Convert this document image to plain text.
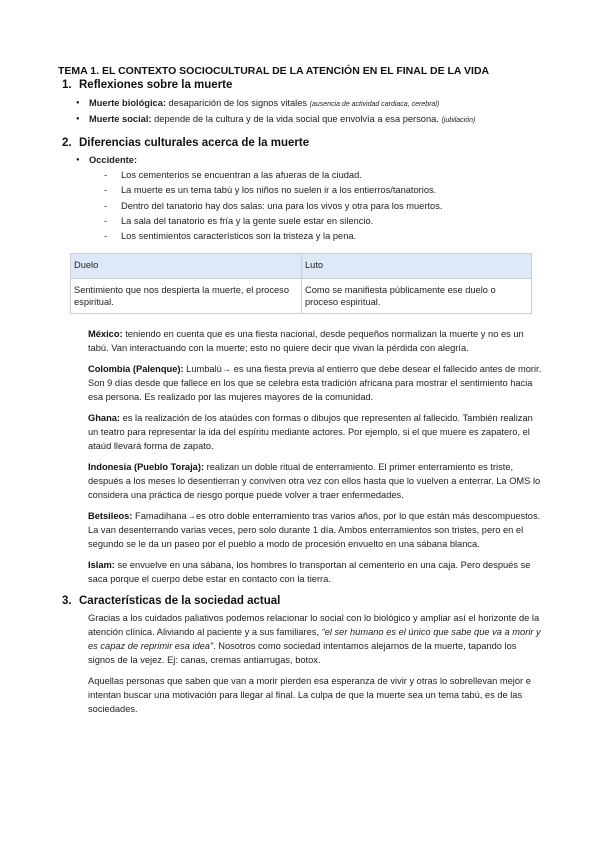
TEMA 1. EL CONTEXTO SOCIOCULTURAL DE LA ATENCIÓN EN EL FINAL DE LA VIDA

1. Reflexiones sobre la muerte
● Muerte biológica: desaparición de los signos vitales (ausencia de actividad cardiaca, cerebral)
● Muerte social: depende de la cultura y de la vida social que envolvía a esa persona. (jubilación)
2. Diferencias culturales acerca de la muerte
● Occidente:
- Los cementerios se encuentran a las afueras de la ciudad.
- La muerte es un tema tabú y los niños no suelen ir a los entierros/tanatorios.
- Dentro del tanatorio hay dos salas: una para los vivos y otra para los muertos.
- La sala del tanatorio es fría y la gente suele estar en silencio.
- Los sentimientos característicos son la tristeza y la pena.
Duelo	Luto
Sentimiento que nos despierta la muerte, el proceso espiritual.	Como se manifiesta públicamente ese duelo o proceso espiritual.

México: teniendo en cuenta que es una fiesta nacional, desde pequeños normalizan la muerte y no es un tabú. Van interactuando con la muerte; esto no quiere decir que vivan la pérdida con alegría.

Colombia (Palenque): Lumbalú→ es una fiesta previa al entierro que debe desear el fallecido antes de morir. Son 9 días desde que fallece en los que se celebra esta tradición africana para mostrar el sentimiento hacia esa persona. Es realizado por las mujeres mayores de la comunidad.

Ghana: es la realización de los ataúdes con formas o dibujos que representen al fallecido. También realizan un teatro para representar la ida del espíritu mediante actores. Por ejemplo, si el que muere es zapatero, el ataúd llevará forma de zapato.

Indonesia (Pueblo Toraja): realizan un doble ritual de enterramiento. El primer enterramiento es triste, después a los meses lo desentierran y conviven otra vez con ellos hasta que lo vuelven a enterrar. La OMS lo considera una práctica de riesgo porque puede volver a traer enfermedades.

Betsileos: Famadihana→es otro doble enterramiento tras varios años, por lo que están más descompuestos. La van desenterrando varias veces, pero solo durante 1 día. Ambos enterramientos son tristes, pero en el segundo se le da un paseo por el pueblo a modo de procesión envuelto en una sábana blanca.

Islam: se envuelve en una sábana, los hombres lo transportan al cementerio en una caja. Pero después se saca porque el cuerpo debe estar en contacto con la tierra.

3. Características de la sociedad actual

Gracias a los cuidados paliativos podemos relacionar lo social con lo biológico y ampliar así el horizonte de la atención clínica. Aliviando al paciente y a sus familiares, “el ser humano es el único que sabe que va a morir y es capaz de reprimir esa idea”. Nosotros como sociedad intentamos alejarnos de la muerte, tapando los signos de la vejez. Ej: canas, cremas antiarrugas, botox.

Aquellas personas que saben que van a morir pierden esa esperanza de vivir y otras lo sobrellevan mejor e intentan buscar una motivación para llegar al final. La culpa de que la muerte sea un tema tabú, es de las sociedades.
